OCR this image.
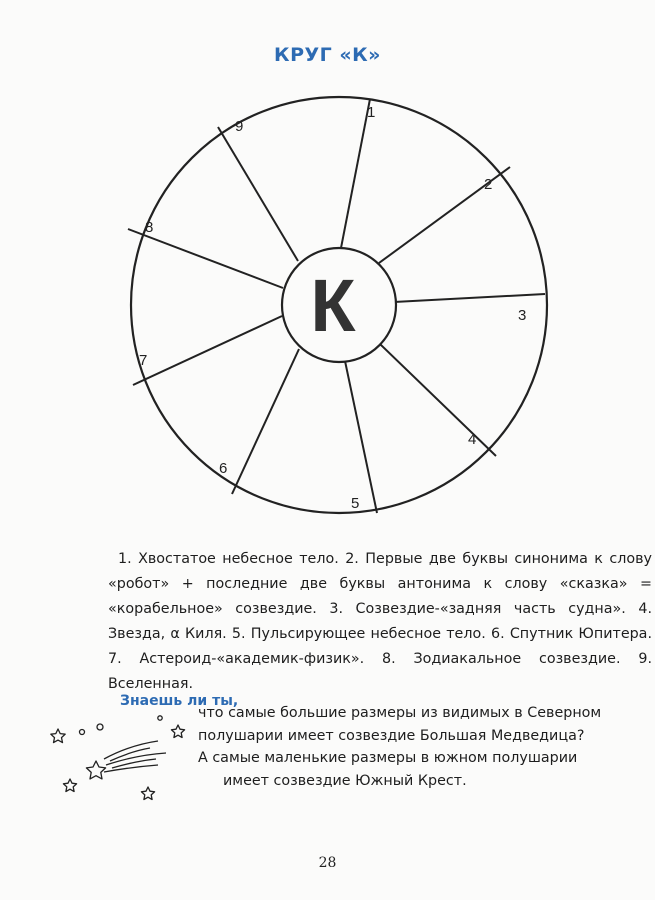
КРУГ «К»
К
1
2
3
4
5
6
7
8
9

1. Хвостатое небесное тело. 2. Первые две буквы синонима к слову «робот» + последние две буквы антонима к слову «сказка» = «корабельное» созвездие. 3. Созвездие-«задняя часть судна». 4. Звезда, α Киля. 5. Пульсирующее небесное тело. 6. Спутник Юпитера. 7. Астероид-«академик-физик». 8. Зодиакальное созвездие. 9. Вселенная.

Знаешь ли ты,
что самые большие размеры из видимых в Северном
полушарии имеет созвездие Большая Медведица?
А самые маленькие размеры в южном полушарии
имеет созвездие Южный Крест.
28
